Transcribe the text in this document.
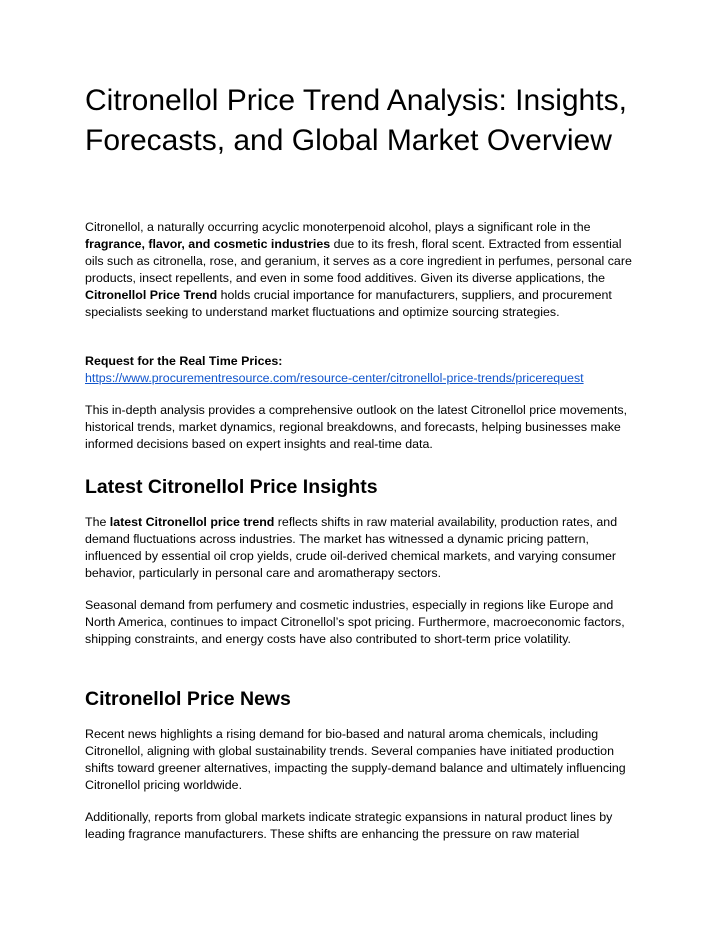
Citronellol Price Trend Analysis: Insights, Forecasts, and Global Market Overview

Citronellol, a naturally occurring acyclic monoterpenoid alcohol, plays a significant role in the fragrance, flavor, and cosmetic industries due to its fresh, floral scent. Extracted from essential oils such as citronella, rose, and geranium, it serves as a core ingredient in perfumes, personal care products, insect repellents, and even in some food additives. Given its diverse applications, the Citronellol Price Trend holds crucial importance for manufacturers, suppliers, and procurement specialists seeking to understand market fluctuations and optimize sourcing strategies.

Request for the Real Time Prices:
https://www.procurementresource.com/resource-center/citronellol-price-trends/pricerequest

This in-depth analysis provides a comprehensive outlook on the latest Citronellol price movements, historical trends, market dynamics, regional breakdowns, and forecasts, helping businesses make informed decisions based on expert insights and real-time data.

Latest Citronellol Price Insights

The latest Citronellol price trend reflects shifts in raw material availability, production rates, and demand fluctuations across industries. The market has witnessed a dynamic pricing pattern, influenced by essential oil crop yields, crude oil-derived chemical markets, and varying consumer behavior, particularly in personal care and aromatherapy sectors.

Seasonal demand from perfumery and cosmetic industries, especially in regions like Europe and North America, continues to impact Citronellol’s spot pricing. Furthermore, macroeconomic factors, shipping constraints, and energy costs have also contributed to short-term price volatility.

Citronellol Price News

Recent news highlights a rising demand for bio-based and natural aroma chemicals, including Citronellol, aligning with global sustainability trends. Several companies have initiated production shifts toward greener alternatives, impacting the supply-demand balance and ultimately influencing Citronellol pricing worldwide.

Additionally, reports from global markets indicate strategic expansions in natural product lines by leading fragrance manufacturers. These shifts are enhancing the pressure on raw material
